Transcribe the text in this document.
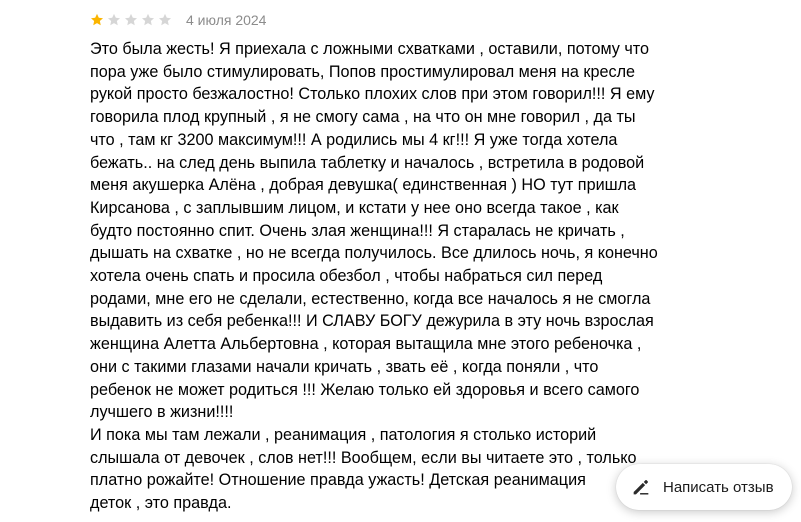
4 июля 2024
Это была жесть! Я приехала с ложными схватками , оставили, потому что
пора уже было стимулировать, Попов простимулировал меня на кресле
рукой просто безжалостно! Столько плохих слов при этом говорил!!! Я ему
говорила плод крупный , я не смогу сама , на что он мне говорил , да ты
что , там кг 3200 максимум!!! А родились мы 4 кг!!! Я уже тогда хотела
бежать.. на след день выпила таблетку и началось , встретила в родовой
меня акушерка Алёна , добрая девушка( единственная ) НО тут пришла
Кирсанова , с заплывшим лицом, и кстати у нее оно всегда такое , как
будто постоянно спит. Очень злая женщина!!! Я старалась не кричать ,
дышать на схватке , но не всегда получилось. Все длилось ночь, я конечно
хотела очень спать и просила обезбол , чтобы набраться сил перед
родами, мне его не сделали, естественно, когда все началось я не смогла
выдавить из себя ребенка!!! И СЛАВУ БОГУ дежурила в эту ночь взрослая
женщина Алетта Альбертовна , которая вытащила мне этого ребеночка ,
они с такими глазами начали кричать , звать её , когда поняли , что
ребенок не может родиться !!! Желаю только ей здоровья и всего самого
лучшего в жизни!!!!
И пока мы там лежали , реанимация , патология я столько историй
слышала от девочек , слов нет!!! Вообщем, если вы читаете это , только
платно рожайте! Отношение правда ужасть! Детская реанимация
деток , это правда.
Написать отзыв
